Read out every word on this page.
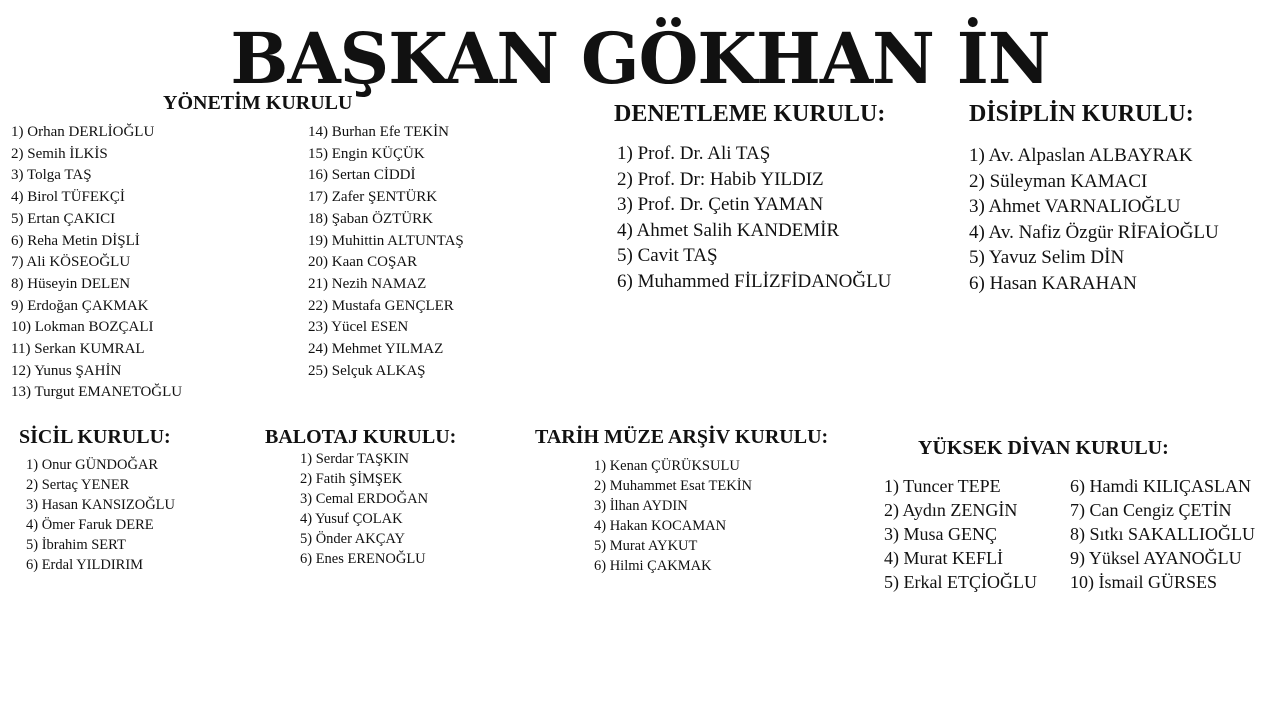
BAŞKAN GÖKHAN İN
YÖNETİM KURULU
1) Orhan DERLİOĞLU
2) Semih İLKİS
3) Tolga TAŞ
4) Birol TÜFEKÇİ
5) Ertan ÇAKICI
6) Reha Metin DİŞLİ
7) Ali KÖSEOĞLU
8) Hüseyin DELEN
9) Erdoğan ÇAKMAK
10) Lokman BOZÇALI
11) Serkan KUMRAL
12) Yunus ŞAHİN
13) Turgut EMANETOĞLU
14) Burhan Efe TEKİN
15) Engin KÜÇÜK
16) Sertan CİDDİ
17) Zafer ŞENTÜRK
18) Şaban ÖZTÜRK
19) Muhittin ALTUNTAŞ
20) Kaan COŞAR
21) Nezih NAMAZ
22) Mustafa GENÇLER
23) Yücel ESEN
24) Mehmet YILMAZ
25) Selçuk ALKAŞ
DENETLEME KURULU:
1) Prof. Dr. Ali TAŞ
2) Prof. Dr: Habib YILDIZ
3) Prof. Dr. Çetin YAMAN
4) Ahmet Salih KANDEMİR
5) Cavit TAŞ
6) Muhammed FİLİZFİDANOĞLU
DİSİPLİN KURULU:
1) Av. Alpaslan ALBAYRAK
2) Süleyman KAMACI
3) Ahmet VARNALIOĞLU
4) Av. Nafiz Özgür RİFAİOĞLU
5) Yavuz Selim DİN
6) Hasan KARAHAN
SİCİL KURULU:
1) Onur GÜNDOĞAR
2) Sertaç YENER
3) Hasan KANSIZOĞLU
4) Ömer Faruk DERE
5) İbrahim SERT
6) Erdal YILDIRIM
BALOTAJ KURULU:
1) Serdar TAŞKIN
2) Fatih ŞİMŞEK
3) Cemal ERDOĞAN
4) Yusuf ÇOLAK
5) Önder AKÇAY
6) Enes ERENOĞLU
TARİH MÜZE ARŞİV KURULU:
1) Kenan ÇÜRÜKSULU
2) Muhammet Esat TEKİN
3) İlhan AYDIN
4) Hakan KOCAMAN
5) Murat AYKUT
6) Hilmi ÇAKMAK
YÜKSEK DİVAN KURULU:
1) Tuncer TEPE
2) Aydın ZENGİN
3) Musa GENÇ
4) Murat KEFLİ
5) Erkal ETÇİOĞLU
6) Hamdi KILIÇASLAN
7) Can Cengiz ÇETİN
8) Sıtkı SAKALLIOĞLU
9) Yüksel AYANOĞLU
10) İsmail GÜRSES
